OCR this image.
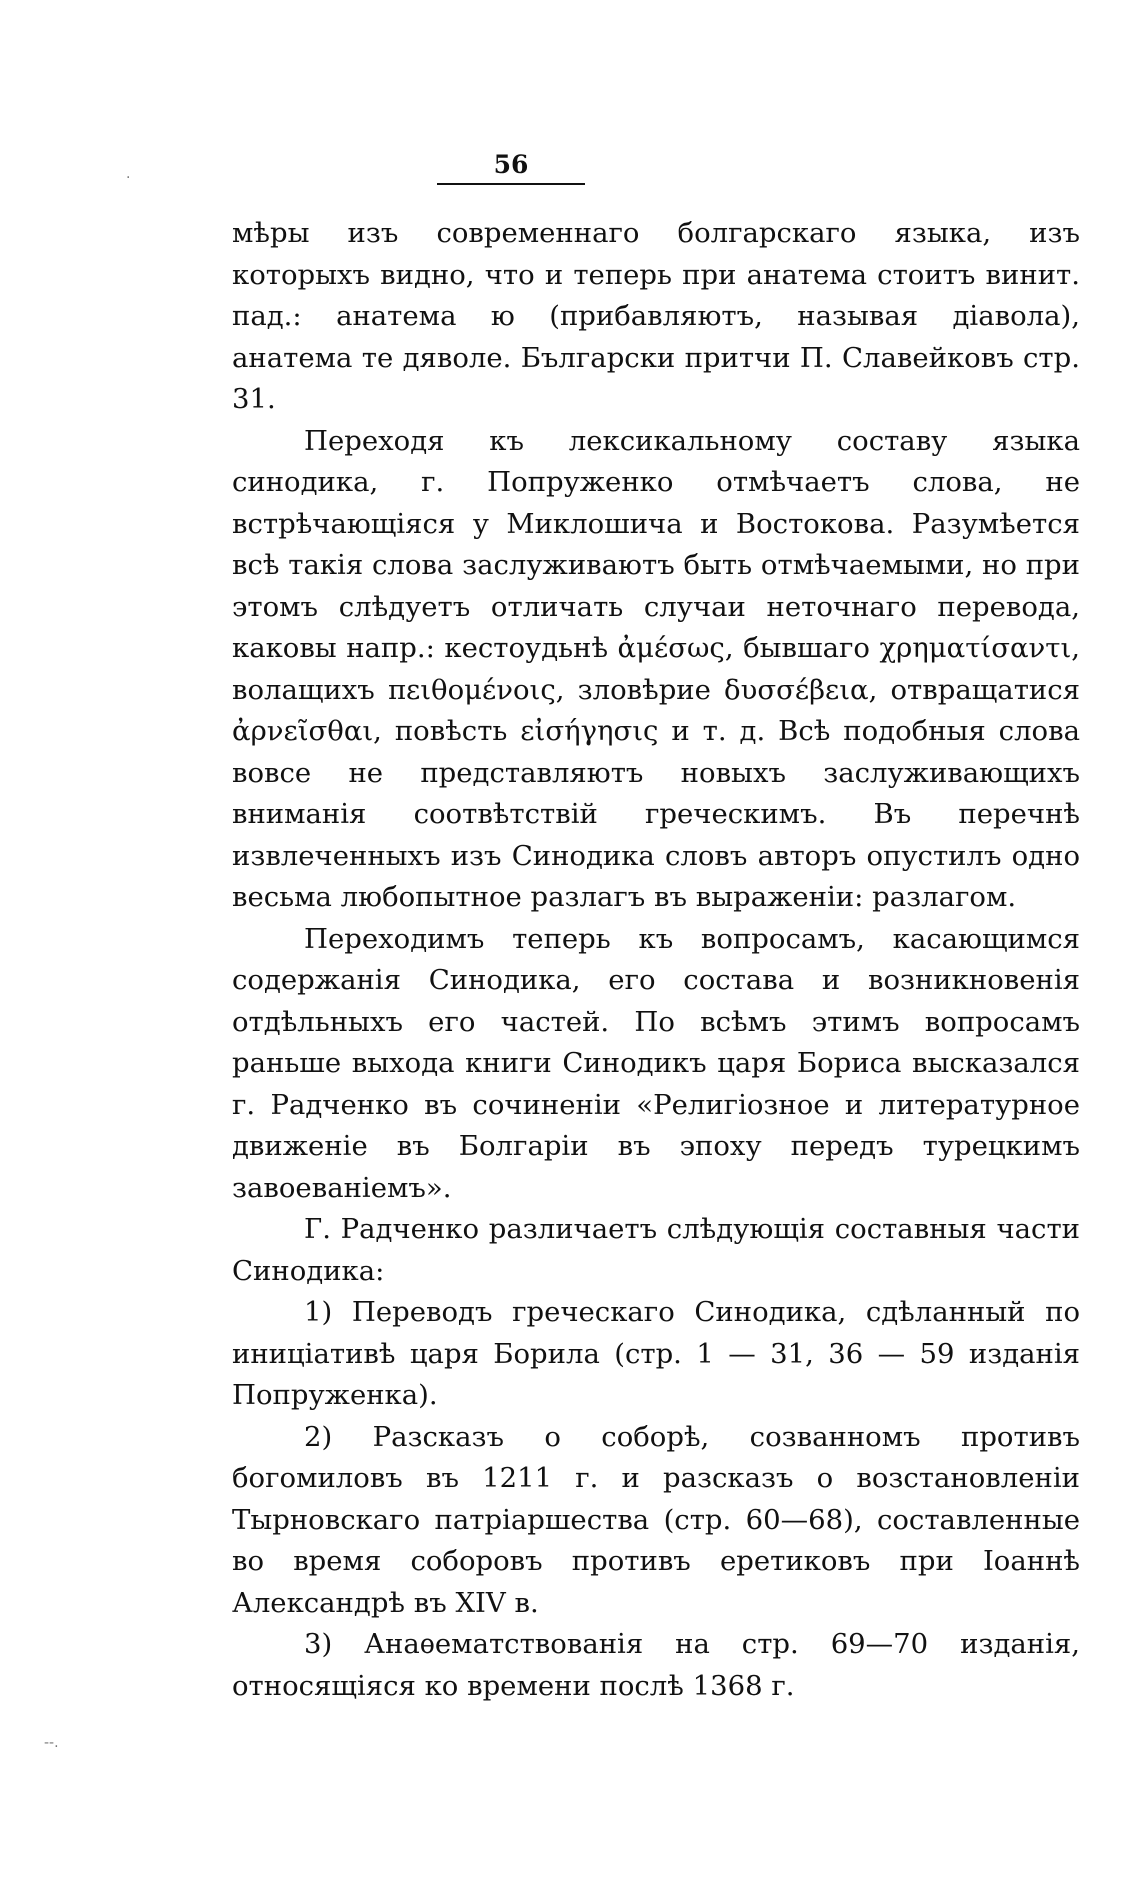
·
‐‐.
56

мѣры изъ современнаго болгарскаго языка, изъ которыхъ видно, что и теперь при анатема стоитъ винит. пад.: анатема ю (прибавляютъ, называя діавола), анатема те дяволе. Български притчи П. Славейковъ стр. 31.

Переходя къ лексикальному составу языка синодика, г. Попруженко отмѣчаетъ слова, не встрѣчающіяся у Миклошича и Востокова. Разумѣется всѣ такія слова заслуживаютъ быть отмѣчаемыми, но при этомъ слѣдуетъ отличать случаи неточнаго перевода, каковы напр.: кестоудьнѣ ἀμέσως, бывшаго χρηματίσαντι, волащихъ πειθομένοις, зловѣрие δυσσέβεια, отвращатися ἀρνεῖσθαι, повѣсть εἰσήγησις и т. д. Всѣ подобныя слова вовсе не представляютъ новыхъ заслуживающихъ вниманія соотвѣтствій греческимъ. Въ перечнѣ извлеченныхъ изъ Синодика словъ авторъ опустилъ одно весьма любопытное разлагъ въ выраженіи: разлагом.

Переходимъ теперь къ вопросамъ, касающимся содержанія Синодика, его состава и возникновенія отдѣльныхъ его частей. По всѣмъ этимъ вопросамъ раньше выхода книги Синодикъ царя Бориса высказался г. Радченко въ сочиненіи «Религіозное и литературное движеніе въ Болгаріи въ эпоху передъ турецкимъ завоеваніемъ».

Г. Радченко различаетъ слѣдующія составныя части Синодика:

1) Переводъ греческаго Синодика, сдѣланный по иниціативѣ царя Борила (стр. 1 — 31, 36 — 59 изданія Попруженка).

2) Разсказъ о соборѣ, созванномъ противъ богомиловъ въ 1211 г. и разсказъ о возстановленіи Тырновскаго патріаршества (стр. 60—68), составленные во время соборовъ противъ еретиковъ при Іоаннѣ Александрѣ въ XIV в.

3) Анаѳематствованія на стр. 69—70 изданія, относящіяся ко времени послѣ 1368 г.
